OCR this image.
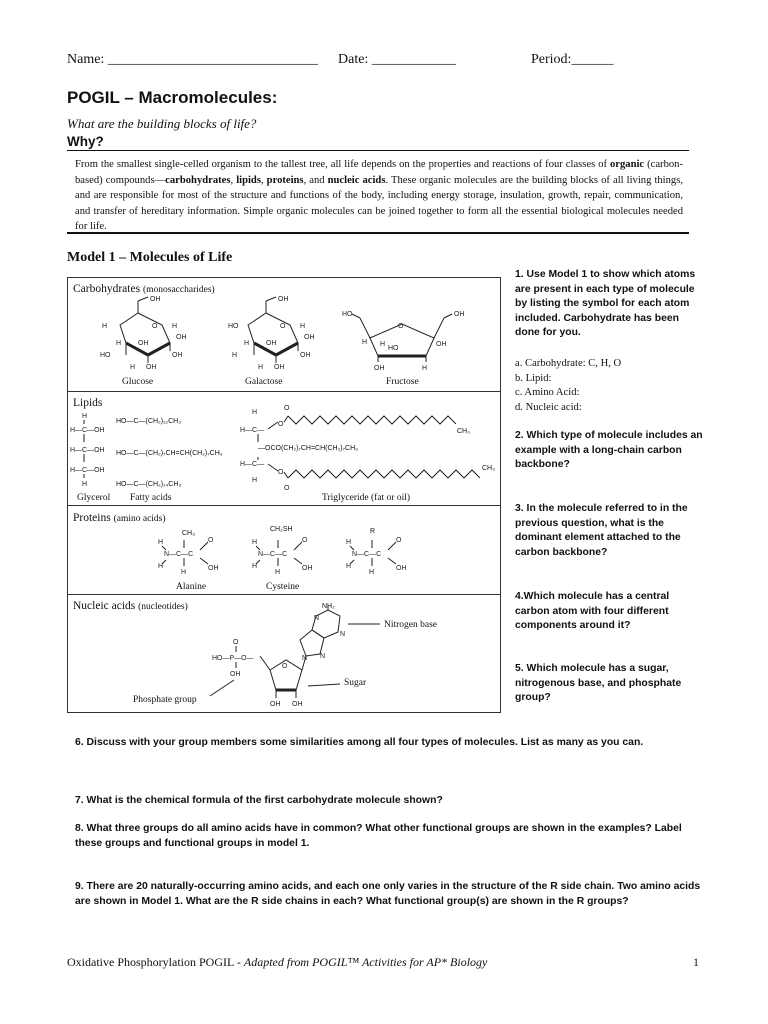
Name: ______________________________ Date: ____________	Period:______
POGIL – Macromolecules:
What are the building blocks of life?
Why?
From the smallest single-celled organism to the tallest tree, all life depends on the properties and reactions of four classes of organic (carbon-based) compounds—carbohydrates, lipids, proteins, and nucleic acids. These organic molecules are the building blocks of all living things, and are responsible for most of the structure and functions of the body, including energy storage, insulation, growth, repair, communication, and transfer of hereditary information. Simple organic molecules can be joined together to form all the essential biological molecules needed for life.
Model 1 – Molecules of Life
Carbohydrates (monosaccharides)
OH
O
H	H
OH
HO
H OH
H OH
OH
Glucose
OH
O
HO	H
OH
H
H OH
H OH
OH
Galactose
HO	OH
O
H H
HO
OH
OH	H
Fructose
Lipids
H
H—C—OH
H—C—OH
H—C—OH
H
HO—C—(CH₂)₁₂CH₃
HO—C—(CH₂)₇CH=CH(CH₂)₇CH₃
HO—C—(CH₂)₁₄CH₃
Glycerol Fatty acids
H
H—C—
H—C—
H
O
O
O
O
—OCO(CH₂)₇CH=CH(CH₂)₇CH₃
CH₃
CH₃
Triglyceride (fat or oil)
Proteins (amino acids)
H
N—C—C
H
H
O
OH
CH₃
Alanine
H
N—C—C
H
H
O
OH
CH₂SH
Cysteine
H
N—C—C
H
H
O
OH
R
Nucleic acids (nucleotides)
HO—P—O—
O
OH
O
OH OH
N N
N
N
NH₂
Nitrogen base
Sugar
Phosphate group
1. Use Model 1 to show which atoms are present in each type of molecule by listing the symbol for each atom included. Carbohydrate has been done for you.
a. Carbohydrate: C, H, O
b. Lipid:
c. Amino Acid:
d. Nucleic acid:
2. Which type of molecule includes an example with a long-chain carbon backbone?
3. In the molecule referred to in the previous question, what is the dominant element attached to the carbon backbone?
4.Which molecule has a central carbon atom with four different components around it?
5. Which molecule has a sugar, nitrogenous base, and phosphate group?
6. Discuss with your group members some similarities among all four types of molecules. List as many as you can.
7. What is the chemical formula of the first carbohydrate molecule shown?
8. What three groups do all amino acids have in common? What other functional groups are shown in the examples? Label these groups and functional groups in model 1.
9. There are 20 naturally-occurring amino acids, and each one only varies in the structure of the R side chain. Two amino acids are shown in Model 1. What are the R side chains in each? What functional group(s) are shown in the R groups?
Oxidative Phosphorylation POGIL - Adapted from POGIL™ Activities for AP* Biology	1
